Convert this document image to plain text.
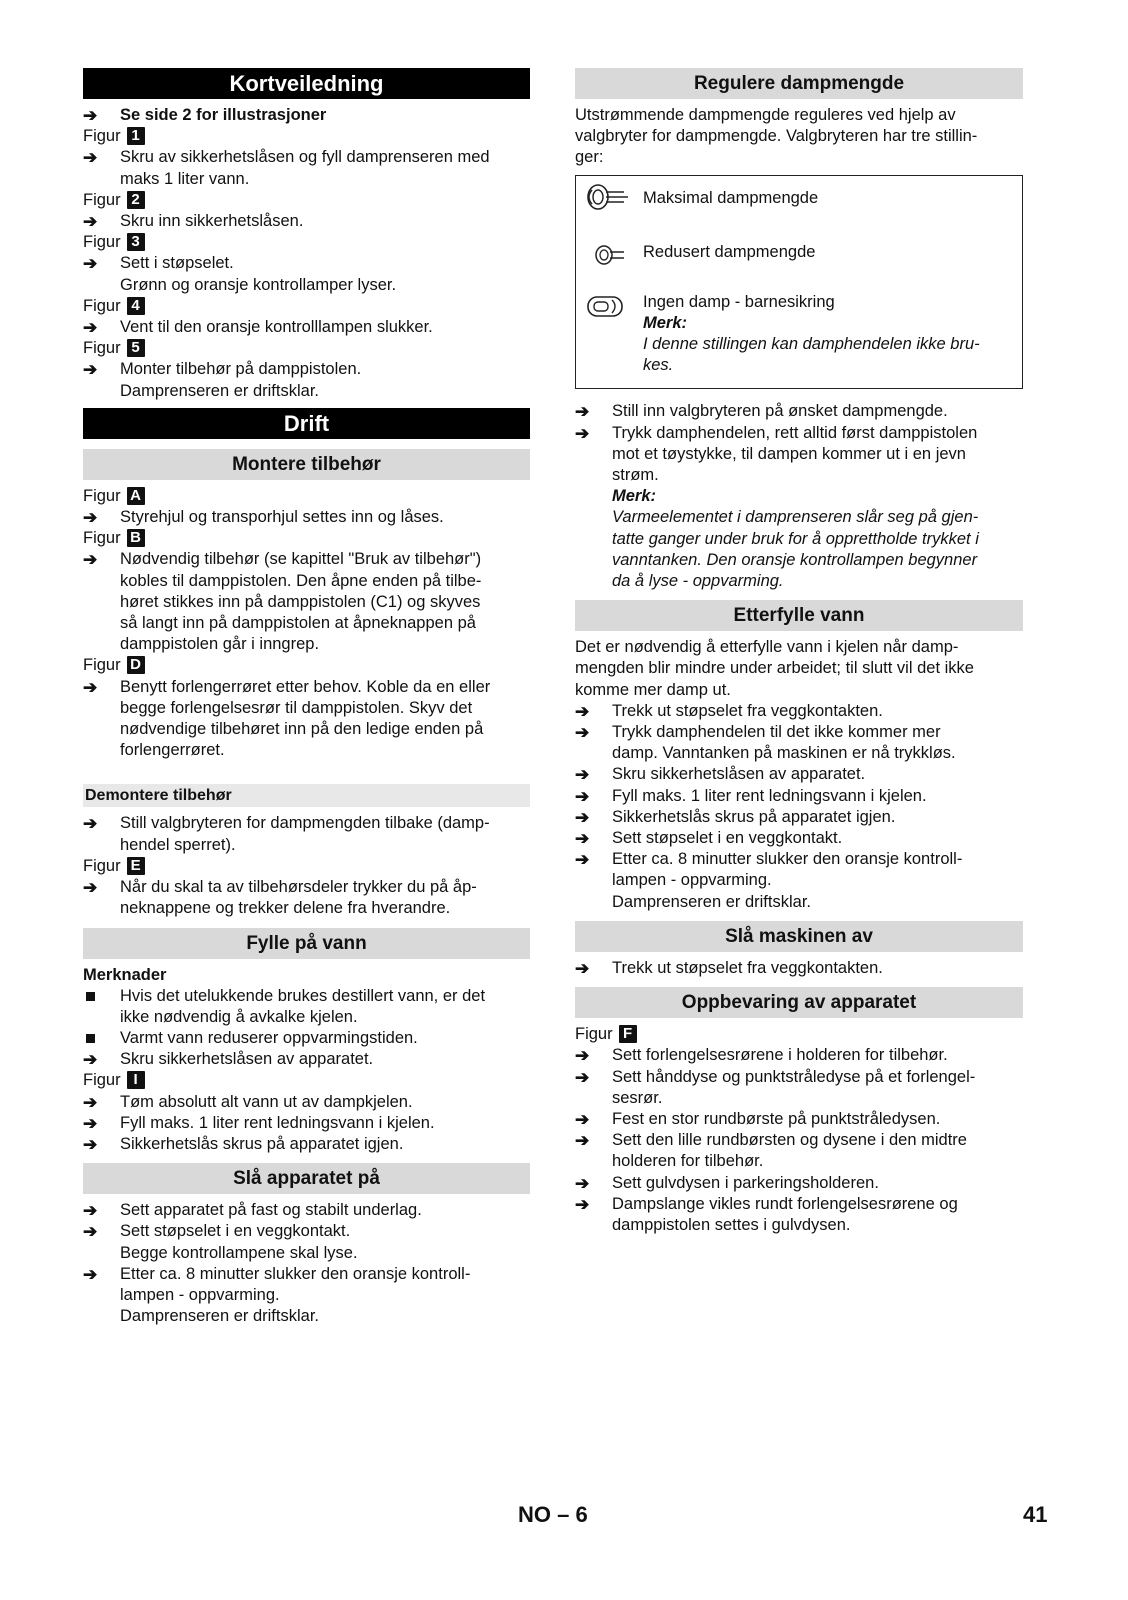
Kortveiledning
➔	Se side 2 for illustrasjoner
Figur 1
➔	Skru av sikkerhetslåsen og fyll damprenseren med
maks 1 liter vann.
Figur 2
➔	Skru inn sikkerhetslåsen.
Figur 3
➔	Sett i støpselet.
Grønn og oransje kontrollamper lyser.
Figur 4
➔	Vent til den oransje kontrolllampen slukker.
Figur 5
➔	Monter tilbehør på damppistolen.
Damprenseren er driftsklar.
Drift
Montere tilbehør
Figur A
➔	Styrehjul og transporhjul settes inn og låses.
Figur B
➔	Nødvendig tilbehør (se kapittel "Bruk av tilbehør")
kobles til damppistolen. Den åpne enden på tilbe-
høret stikkes inn på damppistolen (C1) og skyves
så langt inn på damppistolen at åpneknappen på
damppistolen går i inngrep.
Figur D
➔	Benytt forlengerrøret etter behov. Koble da en eller
begge forlengelsesrør til damppistolen. Skyv det
nødvendige tilbehøret inn på den ledige enden på
forlengerrøret.
Demontere tilbehør
➔	Still valgbryteren for dampmengden tilbake (damp-
hendel sperret).
Figur E
➔	Når du skal ta av tilbehørsdeler trykker du på åp-
neknappene og trekker delene fra hverandre.
Fylle på vann
Merknader
Hvis det utelukkende brukes destillert vann, er det
ikke nødvendig å avkalke kjelen.
Varmt vann reduserer oppvarmingstiden.
➔	Skru sikkerhetslåsen av apparatet.
Figur I
➔	Tøm absolutt alt vann ut av dampkjelen.
➔	Fyll maks. 1 liter rent ledningsvann i kjelen.
➔	Sikkerhetslås skrus på apparatet igjen.
Slå apparatet på
➔	Sett apparatet på fast og stabilt underlag.
➔	Sett støpselet i en veggkontakt.
Begge kontrollampene skal lyse.
➔	Etter ca. 8 minutter slukker den oransje kontroll-
lampen - oppvarming.
Damprenseren er driftsklar.
Regulere dampmengde
Utstrømmende dampmengde reguleres ved hjelp av
valgbryter for dampmengde. Valgbryteren har tre stillin-
ger:
Maksimal dampmengde
Redusert dampmengde
Ingen damp - barnesikring
Merk:
I denne stillingen kan damphendelen ikke bru-
kes.
➔	Still inn valgbryteren på ønsket dampmengde.
➔	Trykk damphendelen, rett alltid først damppistolen
mot et tøystykke, til dampen kommer ut i en jevn
strøm.
Merk:
Varmeelementet i damprenseren slår seg på gjen-
tatte ganger under bruk for å opprettholde trykket i
vanntanken. Den oransje kontrollampen begynner
da å lyse - oppvarming.
Etterfylle vann
Det er nødvendig å etterfylle vann i kjelen når damp-
mengden blir mindre under arbeidet; til slutt vil det ikke
komme mer damp ut.
➔	Trekk ut støpselet fra veggkontakten.
➔	Trykk damphendelen til det ikke kommer mer
damp. Vanntanken på maskinen er nå trykkløs.
➔	Skru sikkerhetslåsen av apparatet.
➔	Fyll maks. 1 liter rent ledningsvann i kjelen.
➔	Sikkerhetslås skrus på apparatet igjen.
➔	Sett støpselet i en veggkontakt.
➔	Etter ca. 8 minutter slukker den oransje kontroll-
lampen - oppvarming.
Damprenseren er driftsklar.
Slå maskinen av
➔	Trekk ut støpselet fra veggkontakten.
Oppbevaring av apparatet
Figur F
➔	Sett forlengelsesrørene i holderen for tilbehør.
➔	Sett hånddyse og punktstråledyse på et forlengel-
sesrør.
➔	Fest en stor rundbørste på punktstråledysen.
➔	Sett den lille rundbørsten og dysene i den midtre
holderen for tilbehør.
➔	Sett gulvdysen i parkeringsholderen.
➔	Dampslange vikles rundt forlengelsesrørene og
damppistolen settes i gulvdysen.
NO – 6	41
